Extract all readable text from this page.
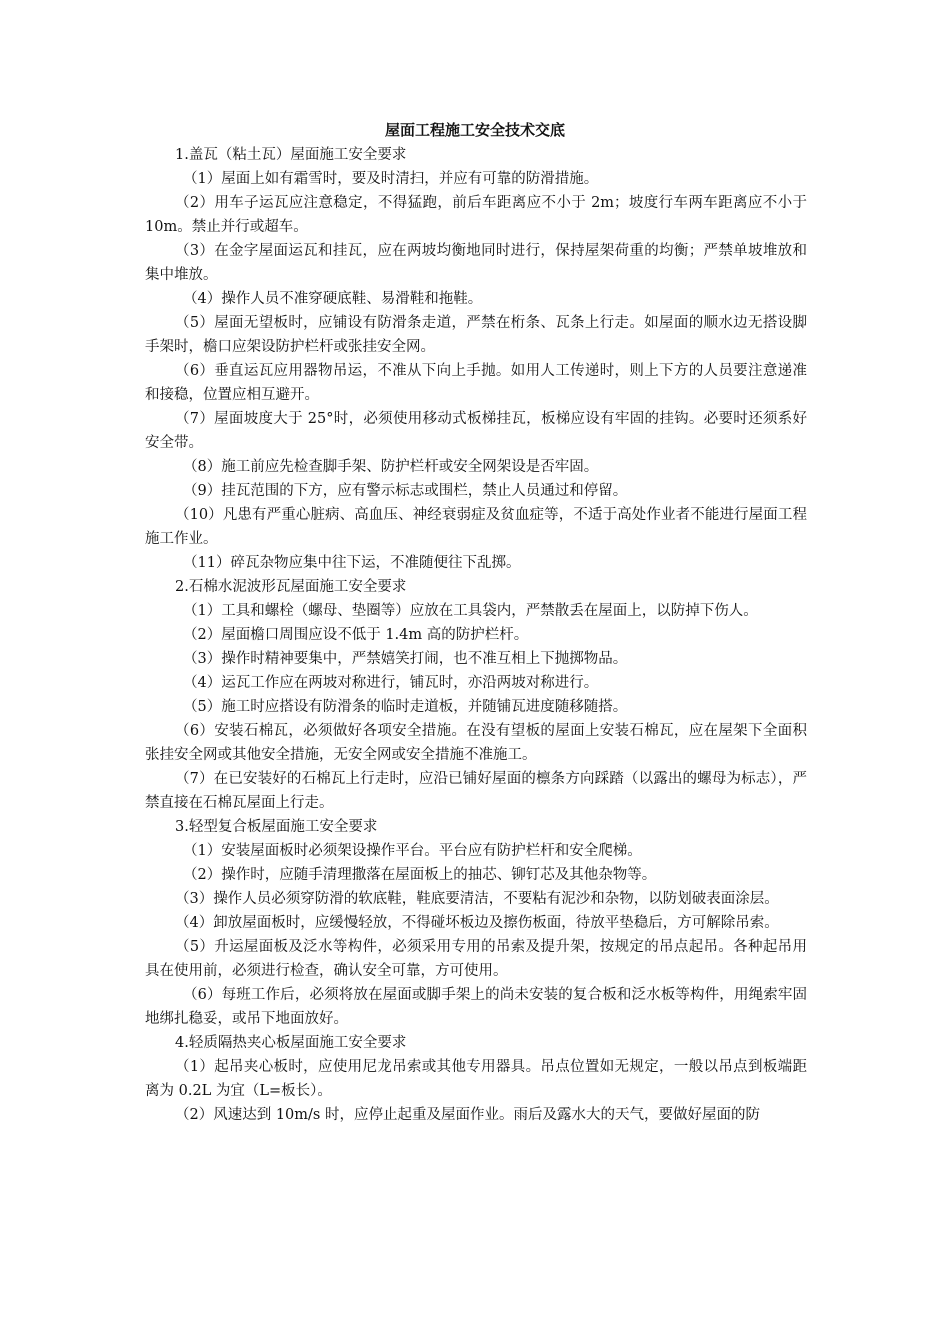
屋面工程施工安全技术交底

1.盖瓦（粘土瓦）屋面施工安全要求

（1）屋面上如有霜雪时，要及时清扫，并应有可靠的防滑措施。

（2）用车子运瓦应注意稳定，不得猛跑，前后车距离应不小于 2m；坡度行车两车距离应不小于 10m。禁止并行或超车。

（3）在金字屋面运瓦和挂瓦，应在两坡均衡地同时进行，保持屋架荷重的均衡；严禁单坡堆放和集中堆放。

（4）操作人员不准穿硬底鞋、易滑鞋和拖鞋。

（5）屋面无望板时，应铺设有防滑条走道，严禁在桁条、瓦条上行走。如屋面的顺水边无搭设脚手架时，檐口应架设防护栏杆或张挂安全网。

（6）垂直运瓦应用器物吊运，不准从下向上手抛。如用人工传递时，则上下方的人员要注意递准和接稳，位置应相互避开。

（7）屋面坡度大于 25°时，必须使用移动式板梯挂瓦，板梯应设有牢固的挂钩。必要时还须系好安全带。

（8）施工前应先检查脚手架、防护栏杆或安全网架设是否牢固。

（9）挂瓦范围的下方，应有警示标志或围栏，禁止人员通过和停留。

（10）凡患有严重心脏病、高血压、神经衰弱症及贫血症等，不适于高处作业者不能进行屋面工程施工作业。

（11）碎瓦杂物应集中往下运，不准随便往下乱掷。

2.石棉水泥波形瓦屋面施工安全要求

（1）工具和螺栓（螺母、垫圈等）应放在工具袋内，严禁散丢在屋面上，以防掉下伤人。

（2）屋面檐口周围应设不低于 1.4m 高的防护栏杆。

（3）操作时精神要集中，严禁嬉笑打闹，也不准互相上下抛掷物品。

（4）运瓦工作应在两坡对称进行，铺瓦时，亦沿两坡对称进行。

（5）施工时应搭设有防滑条的临时走道板，并随铺瓦进度随移随搭。

（6）安装石棉瓦，必须做好各项安全措施。在没有望板的屋面上安装石棉瓦，应在屋架下全面积张挂安全网或其他安全措施，无安全网或安全措施不准施工。

（7）在已安装好的石棉瓦上行走时，应沿已铺好屋面的檩条方向踩踏（以露出的螺母为标志），严禁直接在石棉瓦屋面上行走。

3.轻型复合板屋面施工安全要求

（1）安装屋面板时必须架设操作平台。平台应有防护栏杆和安全爬梯。

（2）操作时，应随手清理撒落在屋面板上的抽芯、铆钉芯及其他杂物等。

（3）操作人员必须穿防滑的软底鞋，鞋底要清洁，不要粘有泥沙和杂物，以防划破表面涂层。

（4）卸放屋面板时，应缓慢轻放，不得碰坏板边及擦伤板面，待放平垫稳后，方可解除吊索。

（5）升运屋面板及泛水等构件，必须采用专用的吊索及提升架，按规定的吊点起吊。各种起吊用具在使用前，必须进行检查，确认安全可靠，方可使用。

（6）每班工作后，必须将放在屋面或脚手架上的尚未安装的复合板和泛水板等构件，用绳索牢固地绑扎稳妥，或吊下地面放好。

4.轻质隔热夹心板屋面施工安全要求

（1）起吊夹心板时，应使用尼龙吊索或其他专用器具。吊点位置如无规定，一般以吊点到板端距离为 0.2L 为宜（L=板长）。

（2）风速达到 10m/s 时，应停止起重及屋面作业。雨后及露水大的天气，要做好屋面的防
